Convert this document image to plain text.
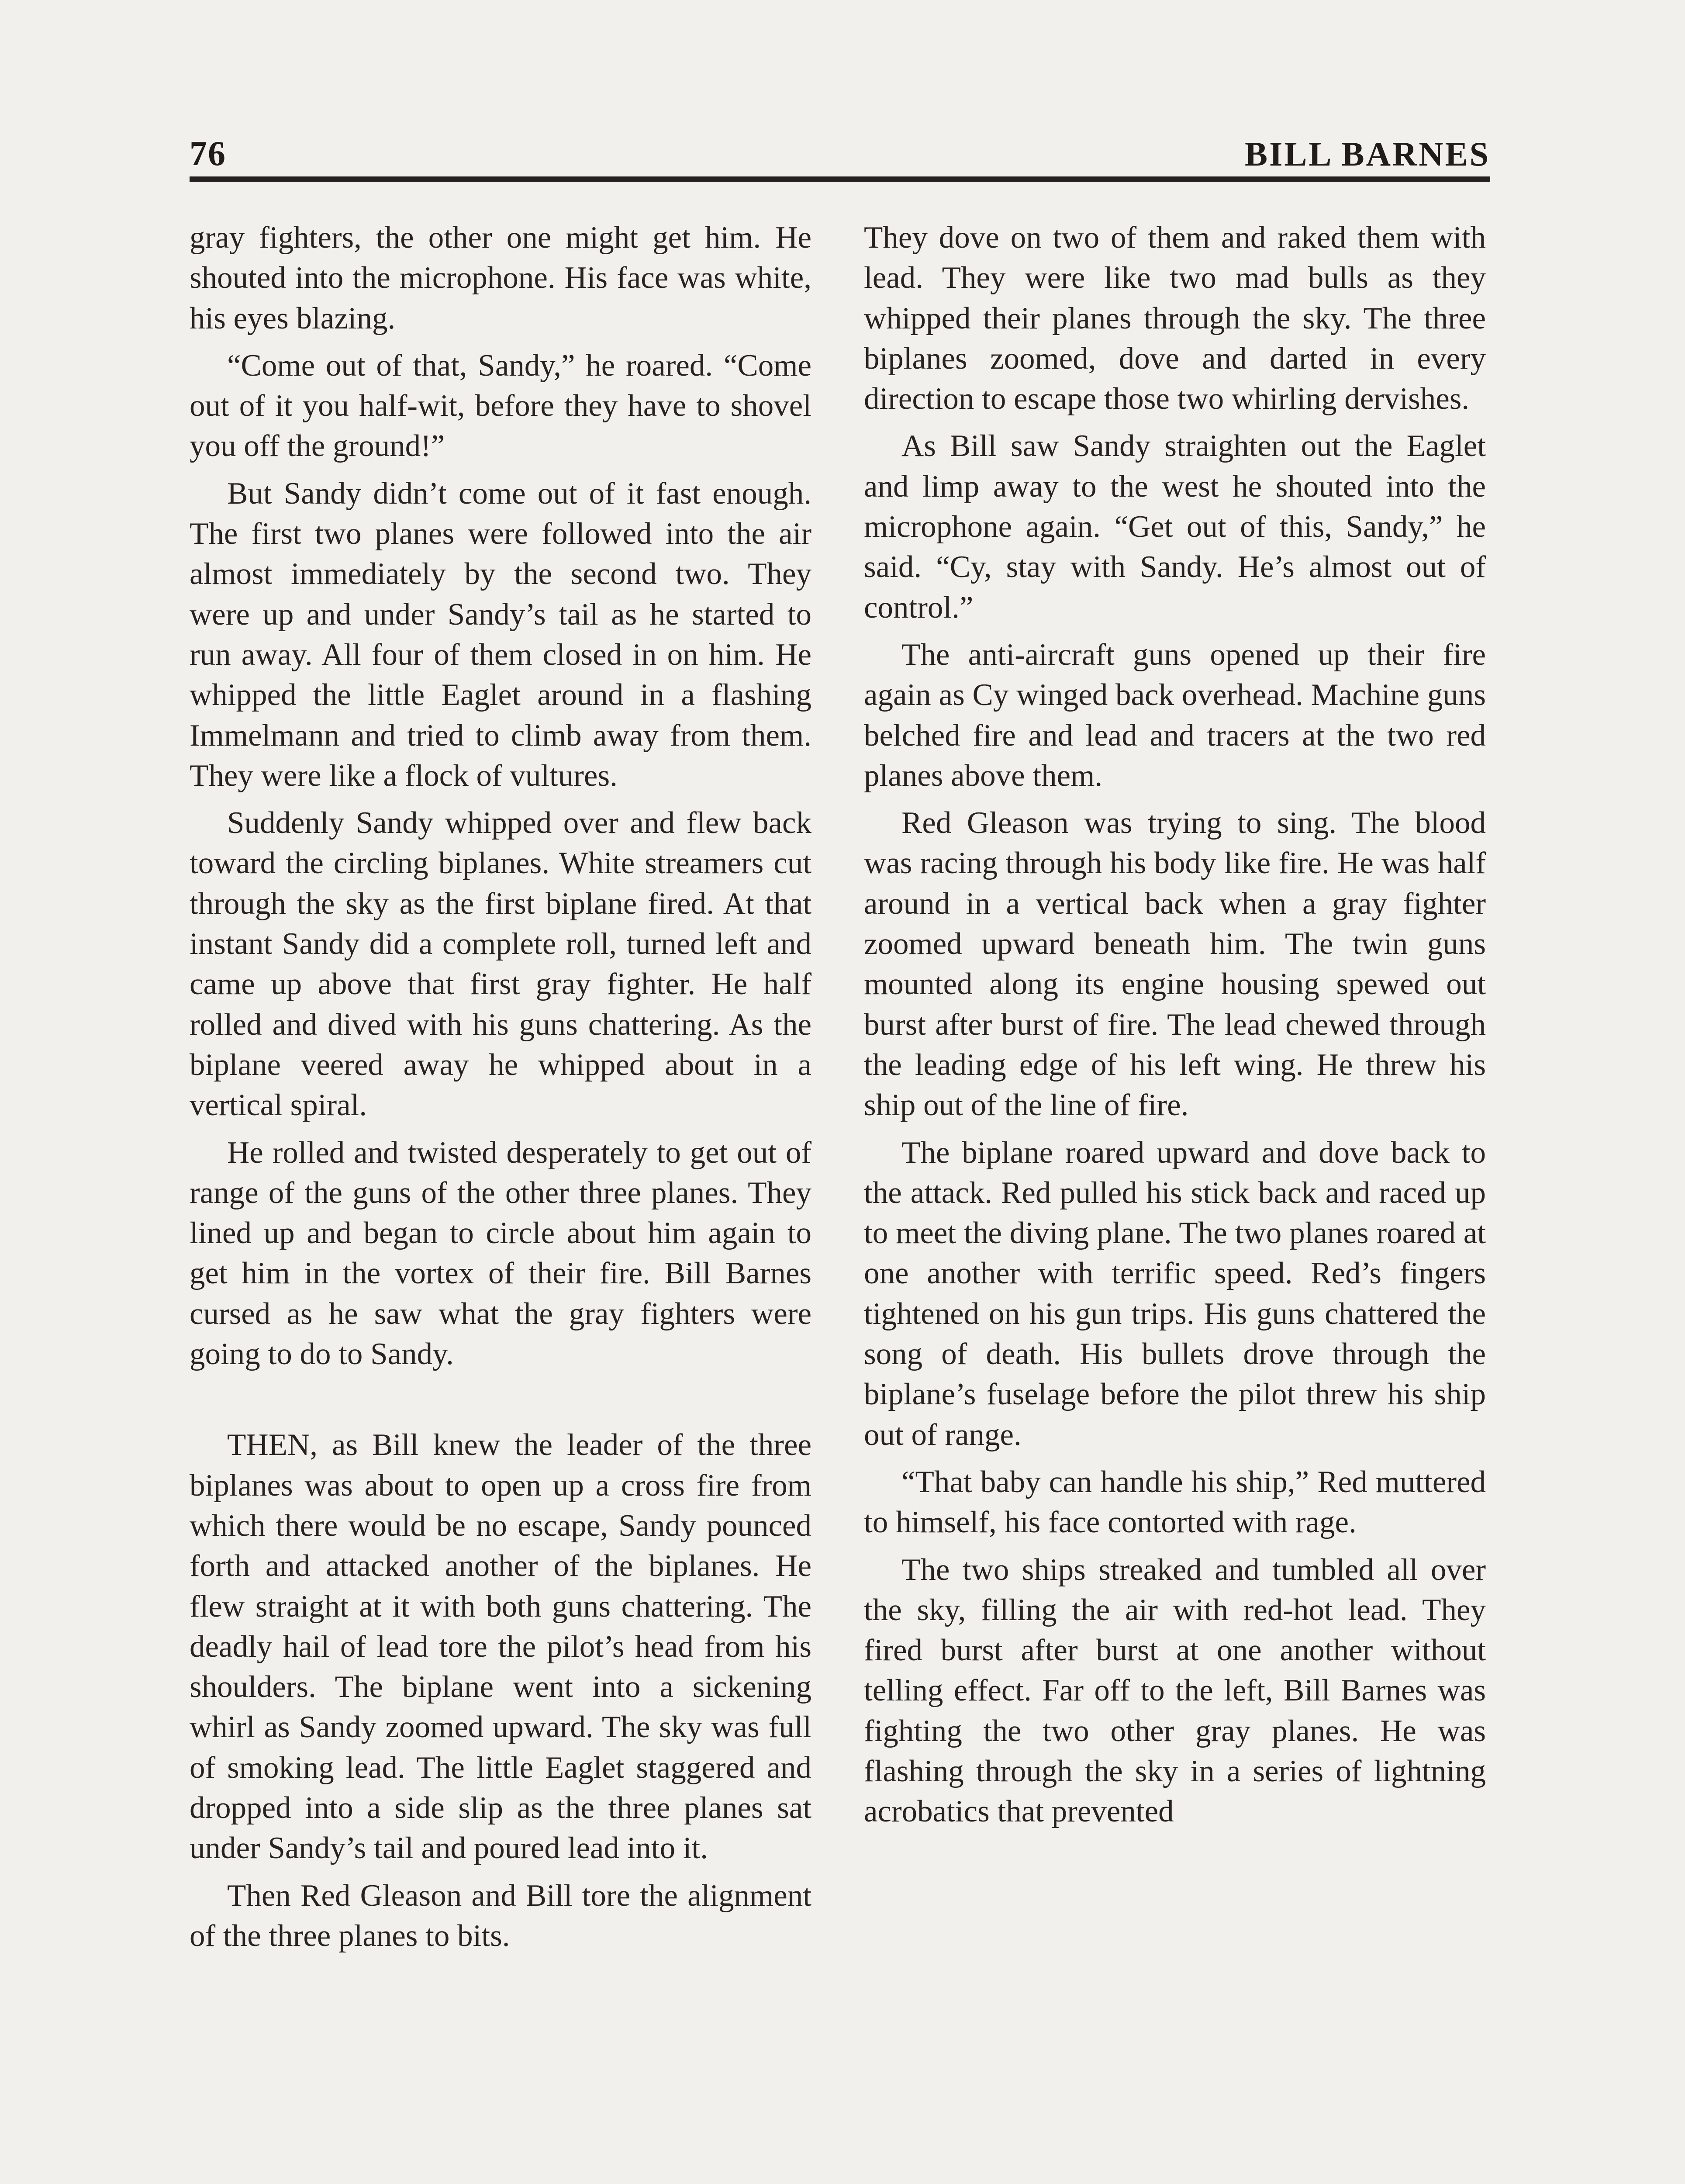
76	BILL BARNES

gray fighters, the other one might get him. He shouted into the microphone. His face was white, his eyes blazing.

“Come out of that, Sandy,” he roared. “Come out of it you half-wit, before they have to shovel you off the ground!”

But Sandy didn’t come out of it fast enough. The first two planes were followed into the air almost immediately by the second two. They were up and under Sandy’s tail as he started to run away. All four of them closed in on him. He whipped the little Eaglet around in a flashing Immelmann and tried to climb away from them. They were like a flock of vultures.

Suddenly Sandy whipped over and flew back toward the circling biplanes. White streamers cut through the sky as the first biplane fired. At that instant Sandy did a complete roll, turned left and came up above that first gray fighter. He half rolled and dived with his guns chattering. As the biplane veered away he whipped about in a vertical spiral.

He rolled and twisted desperately to get out of range of the guns of the other three planes. They lined up and began to circle about him again to get him in the vortex of their fire. Bill Barnes cursed as he saw what the gray fighters were going to do to Sandy.

THEN, as Bill knew the leader of the three biplanes was about to open up a cross fire from which there would be no escape, Sandy pounced forth and attacked another of the biplanes. He flew straight at it with both guns chattering. The deadly hail of lead tore the pilot’s head from his shoulders. The biplane went into a sickening whirl as Sandy zoomed upward. The sky was full of smoking lead. The little Eaglet staggered and dropped into a side slip as the three planes sat under Sandy’s tail and poured lead into it.

Then Red Gleason and Bill tore the alignment of the three planes to bits.

They dove on two of them and raked them with lead. They were like two mad bulls as they whipped their planes through the sky. The three biplanes zoomed, dove and darted in every direction to escape those two whirling dervishes.

As Bill saw Sandy straighten out the Eaglet and limp away to the west he shouted into the microphone again. “Get out of this, Sandy,” he said. “Cy, stay with Sandy. He’s almost out of control.”

The anti-aircraft guns opened up their fire again as Cy winged back overhead. Machine guns belched fire and lead and tracers at the two red planes above them.

Red Gleason was trying to sing. The blood was racing through his body like fire. He was half around in a vertical back when a gray fighter zoomed upward beneath him. The twin guns mounted along its engine housing spewed out burst after burst of fire. The lead chewed through the leading edge of his left wing. He threw his ship out of the line of fire.

The biplane roared upward and dove back to the attack. Red pulled his stick back and raced up to meet the diving plane. The two planes roared at one another with terrific speed. Red’s fingers tightened on his gun trips. His guns chattered the song of death. His bullets drove through the biplane’s fuselage before the pilot threw his ship out of range.

“That baby can handle his ship,” Red muttered to himself, his face contorted with rage.

The two ships streaked and tumbled all over the sky, filling the air with red-hot lead. They fired burst after burst at one another without telling effect. Far off to the left, Bill Barnes was fighting the two other gray planes. He was flashing through the sky in a series of lightning acrobatics that prevented
